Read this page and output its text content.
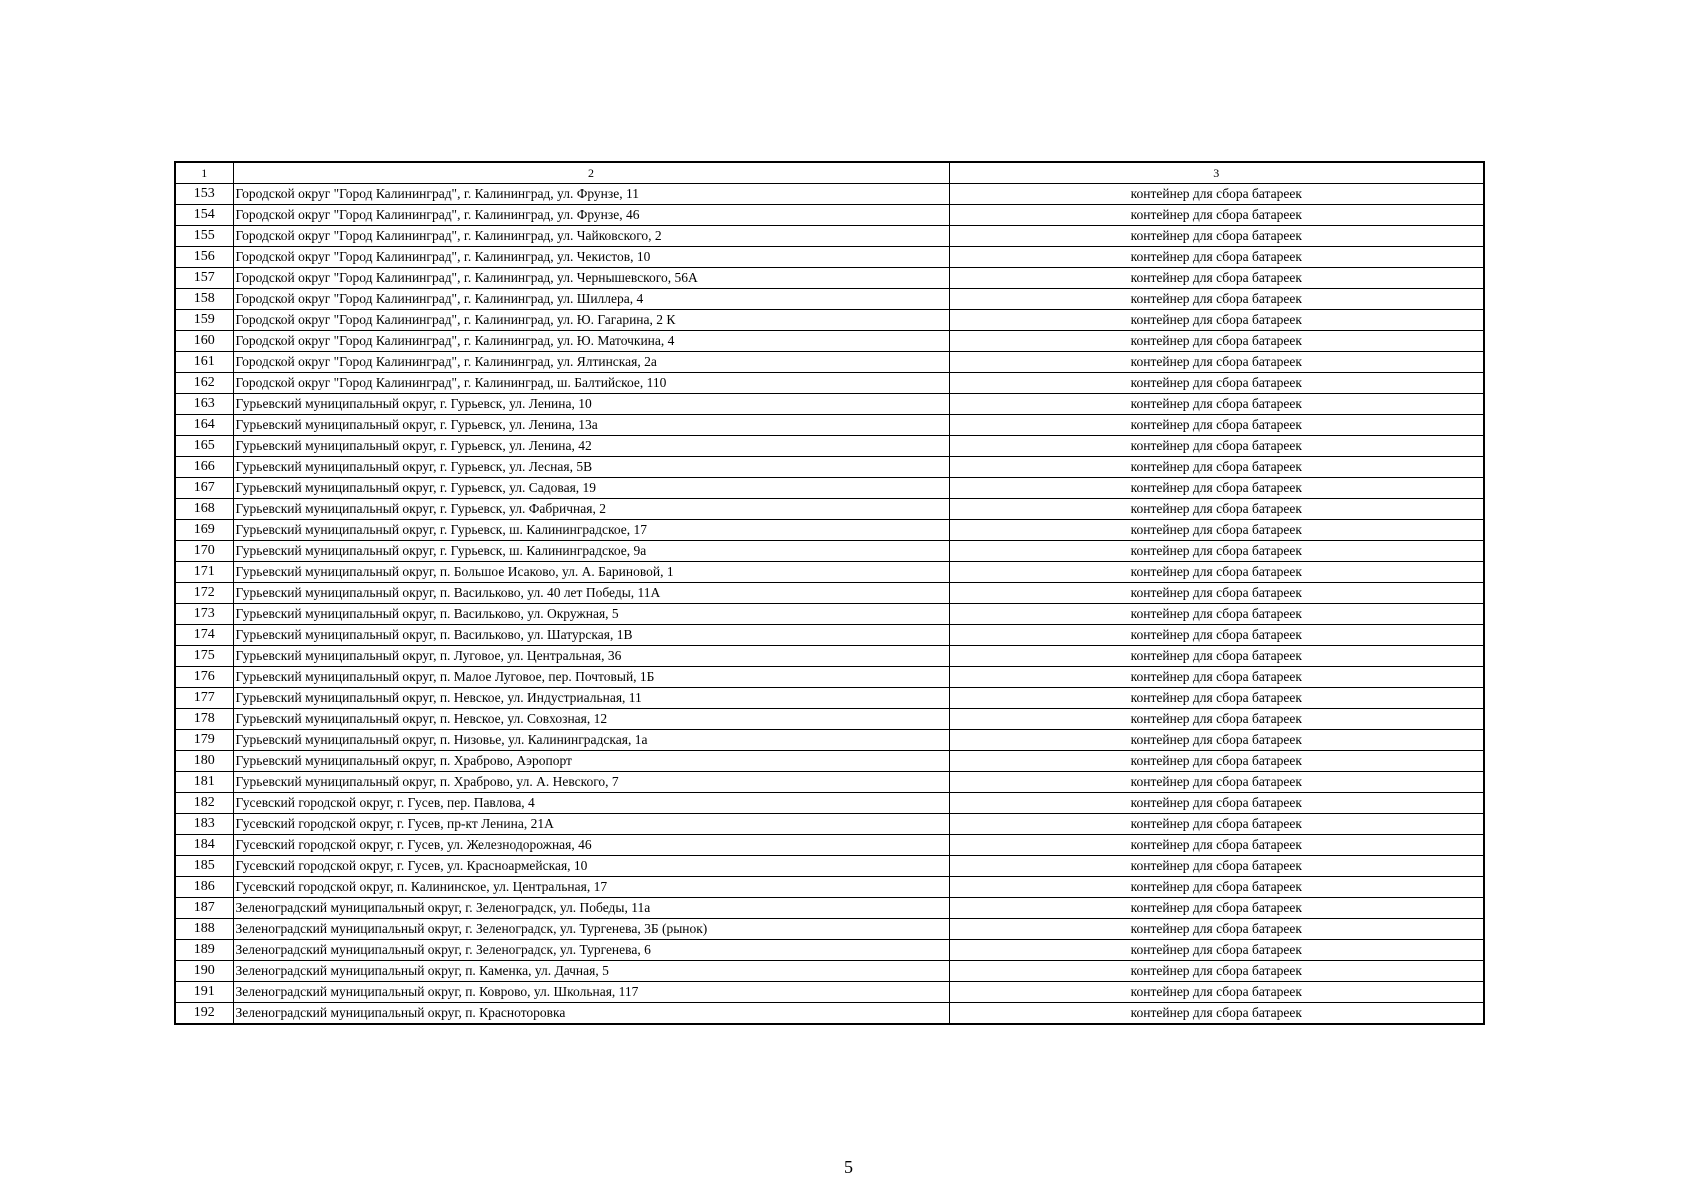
1	2	3
153	Городской округ "Город Калининград", г. Калининград, ул. Фрунзе, 11	контейнер для сбора батареек
154	Городской округ "Город Калининград", г. Калининград, ул. Фрунзе, 46	контейнер для сбора батареек
155	Городской округ "Город Калининград", г. Калининград, ул. Чайковского, 2	контейнер для сбора батареек
156	Городской округ "Город Калининград", г. Калининград, ул. Чекистов, 10	контейнер для сбора батареек
157	Городской округ "Город Калининград", г. Калининград, ул. Чернышевского, 56А	контейнер для сбора батареек
158	Городской округ "Город Калининград", г. Калининград, ул. Шиллера, 4	контейнер для сбора батареек
159	Городской округ "Город Калининград", г. Калининград, ул. Ю. Гагарина, 2 К	контейнер для сбора батареек
160	Городской округ "Город Калининград", г. Калининград, ул. Ю. Маточкина, 4	контейнер для сбора батареек
161	Городской округ "Город Калининград", г. Калининград, ул. Ялтинская, 2а	контейнер для сбора батареек
162	Городской округ "Город Калининград", г. Калининград, ш. Балтийское, 110	контейнер для сбора батареек
163	Гурьевский муниципальный округ, г. Гурьевск, ул. Ленина, 10	контейнер для сбора батареек
164	Гурьевский муниципальный округ, г. Гурьевск, ул. Ленина, 13а	контейнер для сбора батареек
165	Гурьевский муниципальный округ, г. Гурьевск, ул. Ленина, 42	контейнер для сбора батареек
166	Гурьевский муниципальный округ, г. Гурьевск, ул. Лесная, 5В	контейнер для сбора батареек
167	Гурьевский муниципальный округ, г. Гурьевск, ул. Садовая, 19	контейнер для сбора батареек
168	Гурьевский муниципальный округ, г. Гурьевск, ул. Фабричная, 2	контейнер для сбора батареек
169	Гурьевский муниципальный округ, г. Гурьевск, ш. Калининградское, 17	контейнер для сбора батареек
170	Гурьевский муниципальный округ, г. Гурьевск, ш. Калининградское, 9а	контейнер для сбора батареек
171	Гурьевский муниципальный округ, п. Большое Исаково, ул. А. Бариновой, 1	контейнер для сбора батареек
172	Гурьевский муниципальный округ, п. Васильково, ул. 40 лет Победы, 11А	контейнер для сбора батареек
173	Гурьевский муниципальный округ, п. Васильково, ул. Окружная, 5	контейнер для сбора батареек
174	Гурьевский муниципальный округ, п. Васильково, ул. Шатурская, 1В	контейнер для сбора батареек
175	Гурьевский муниципальный округ, п. Луговое, ул. Центральная, 36	контейнер для сбора батареек
176	Гурьевский муниципальный округ, п. Малое Луговое, пер. Почтовый, 1Б	контейнер для сбора батареек
177	Гурьевский муниципальный округ, п. Невское, ул. Индустриальная, 11	контейнер для сбора батареек
178	Гурьевский муниципальный округ, п. Невское, ул. Совхозная, 12	контейнер для сбора батареек
179	Гурьевский муниципальный округ, п. Низовье, ул. Калининградская, 1а	контейнер для сбора батареек
180	Гурьевский муниципальный округ, п. Храброво, Аэропорт	контейнер для сбора батареек
181	Гурьевский муниципальный округ, п. Храброво, ул. А. Невского, 7	контейнер для сбора батареек
182	Гусевский городской округ, г. Гусев, пер. Павлова, 4	контейнер для сбора батареек
183	Гусевский городской округ, г. Гусев, пр-кт Ленина, 21А	контейнер для сбора батареек
184	Гусевский городской округ, г. Гусев, ул. Железнодорожная, 46	контейнер для сбора батареек
185	Гусевский городской округ, г. Гусев, ул. Красноармейская, 10	контейнер для сбора батареек
186	Гусевский городской округ, п. Калининское, ул. Центральная, 17	контейнер для сбора батареек
187	Зеленоградский муниципальный округ, г. Зеленоградск, ул. Победы, 11а	контейнер для сбора батареек
188	Зеленоградский муниципальный округ, г. Зеленоградск, ул. Тургенева, 3Б (рынок)	контейнер для сбора батареек
189	Зеленоградский муниципальный округ, г. Зеленоградск, ул. Тургенева, 6	контейнер для сбора батареек
190	Зеленоградский муниципальный округ, п. Каменка, ул. Дачная, 5	контейнер для сбора батареек
191	Зеленоградский муниципальный округ, п. Коврово, ул. Школьная, 117	контейнер для сбора батареек
192	Зеленоградский муниципальный округ, п. Красноторовка	контейнер для сбора батареек
5
